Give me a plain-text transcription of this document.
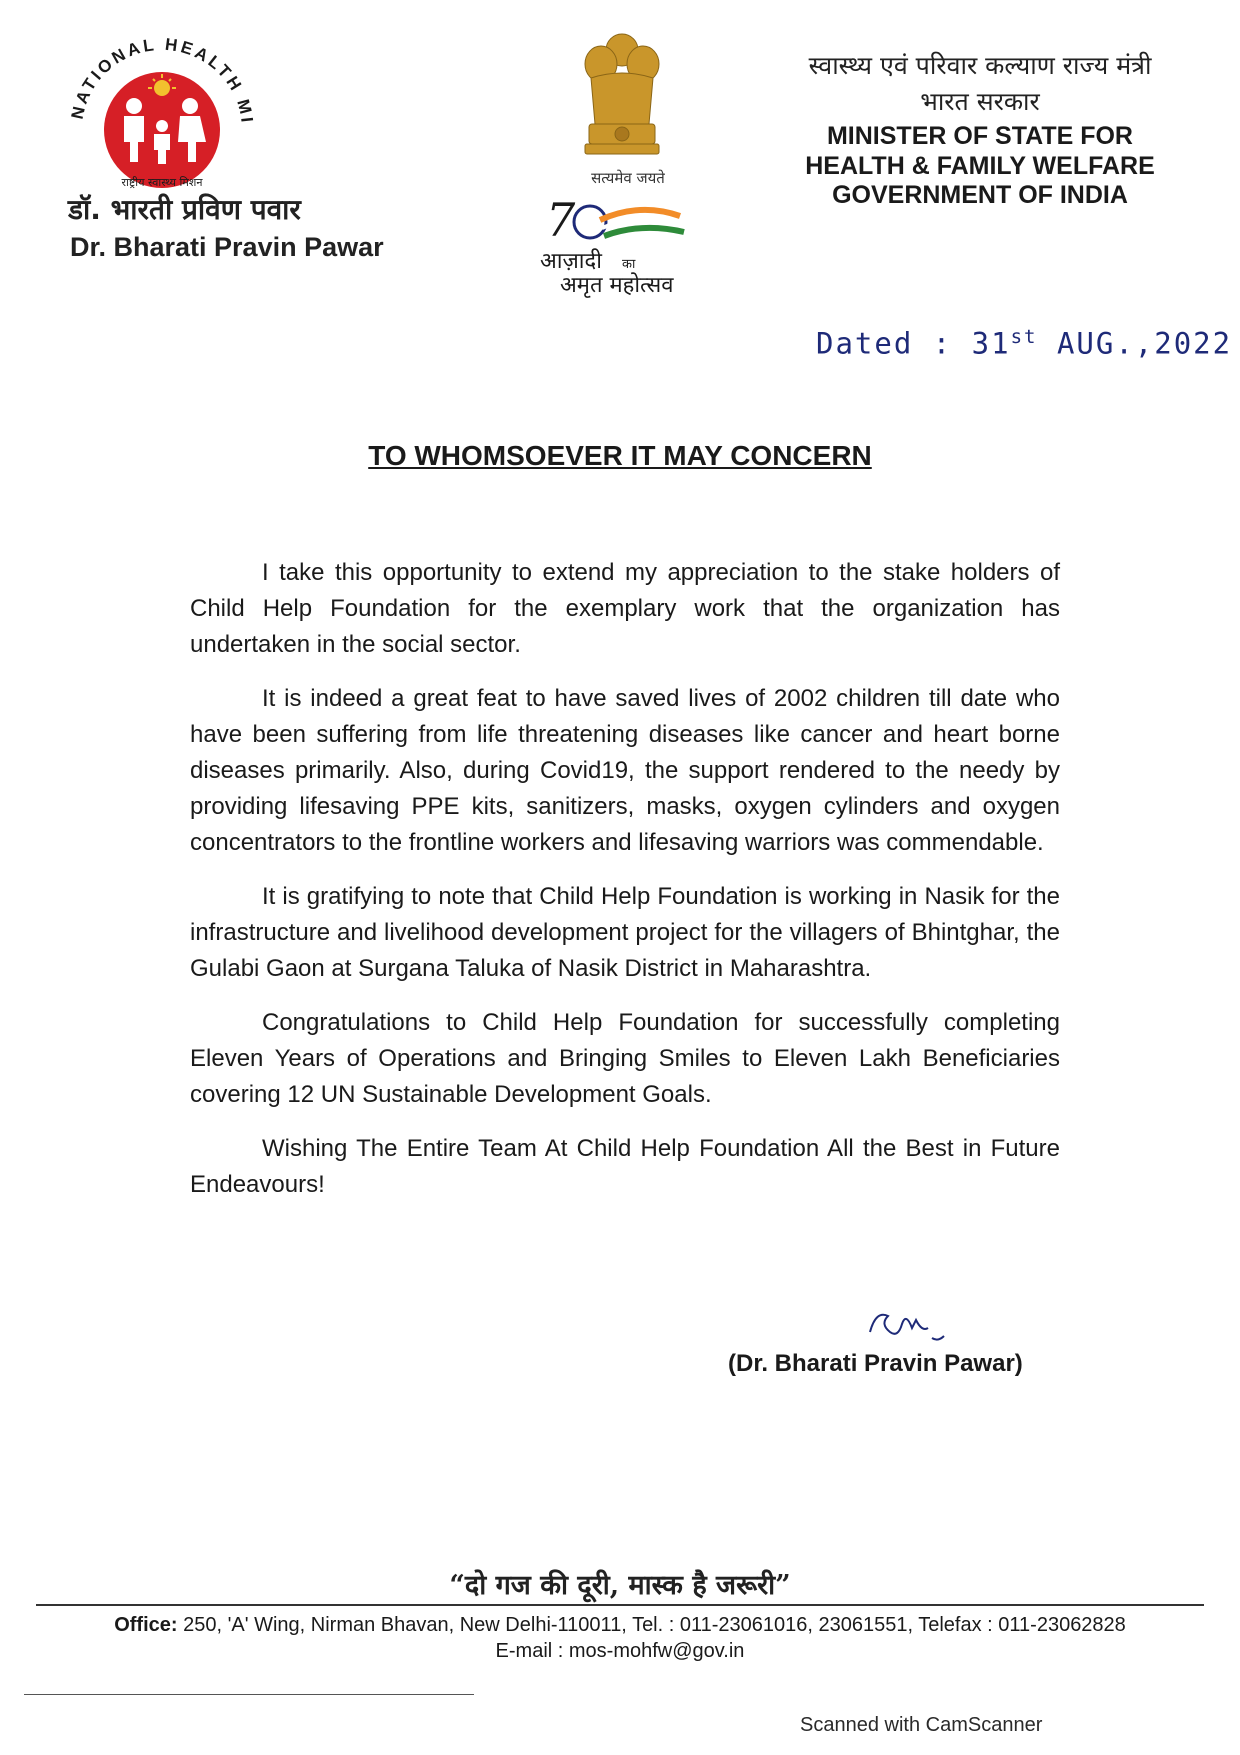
NATIONAL HEALTH MI
राष्ट्रीय स्वास्थ्य मिशन
डॉ. भारती प्रविण पवार
Dr. Bharati Pravin Pawar
सत्यमेव जयते
7
आज़ादी का
अमृत महोत्सव
स्वास्थ्य एवं परिवार कल्याण राज्य मंत्री
भारत सरकार
MINISTER OF STATE FOR
HEALTH & FAMILY WELFARE
GOVERNMENT OF INDIA
Dated : 31st AUG.,2022
TO WHOMSOEVER IT MAY CONCERN

I take this opportunity to extend my appreciation to the stake holders of Child Help Foundation for the exemplary work that the organization has undertaken in the social sector.

It is indeed a great feat to have saved lives of 2002 children till date who have been suffering from life threatening diseases like cancer and heart borne diseases primarily. Also, during Covid19, the support rendered to the needy by providing lifesaving PPE kits, sanitizers, masks, oxygen cylinders and oxygen concentrators to the frontline workers and lifesaving warriors was commendable.

It is gratifying to note that Child Help Foundation is working in Nasik for the infrastructure and livelihood development project for the villagers of Bhintghar, the Gulabi Gaon at Surgana Taluka of Nasik District in Maharashtra.

Congratulations to Child Help Foundation for successfully completing Eleven Years of Operations and Bringing Smiles to Eleven Lakh Beneficiaries covering 12 UN Sustainable Development Goals.

Wishing The Entire Team At Child Help Foundation All the Best in Future Endeavours!

(Dr. Bharati Pravin Pawar)
“दो गज की दूरी, मास्क है जरूरी”
Office: 250, 'A' Wing, Nirman Bhavan, New Delhi-110011, Tel. : 011-23061016, 23061551, Telefax : 011-23062828
E-mail : mos-mohfw@gov.in
Scanned with CamScanner
